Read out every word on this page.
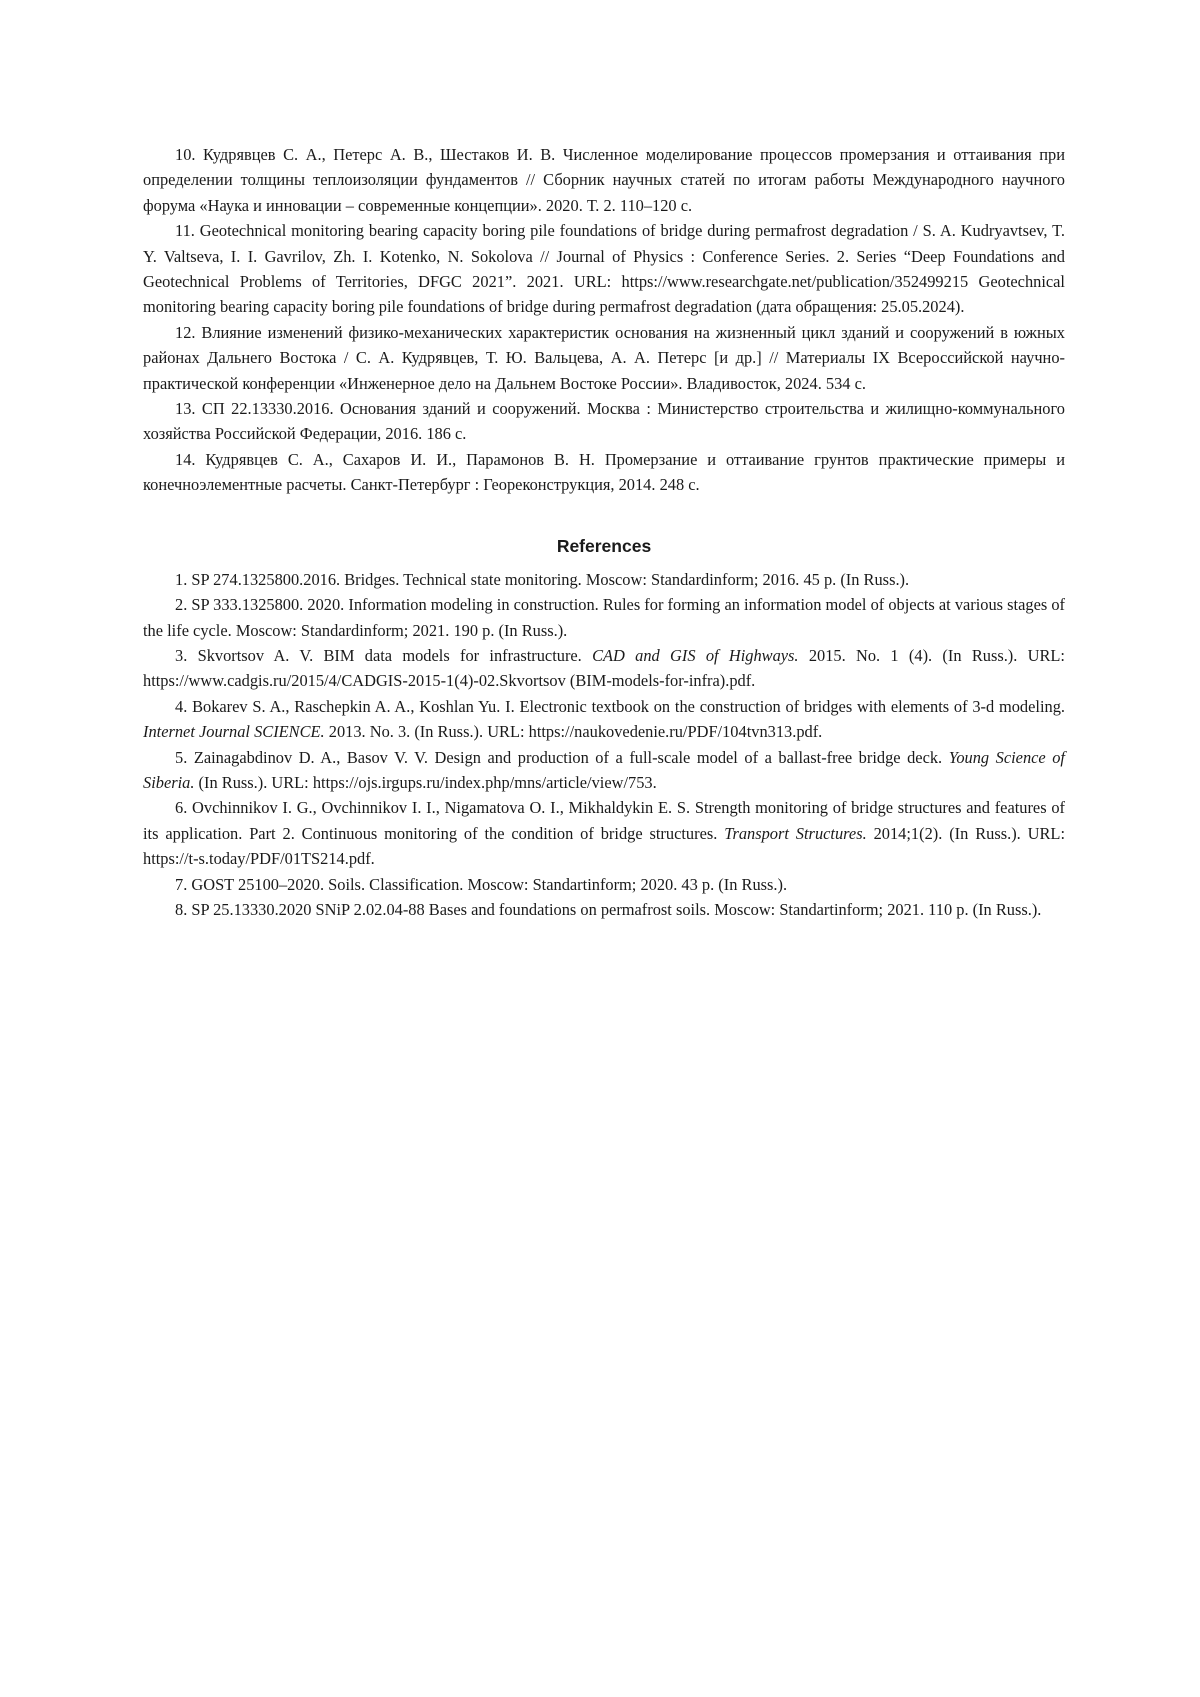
10. Кудрявцев С. А., Петерс А. В., Шестаков И. В. Численное моделирование процессов промерзания и оттаивания при определении толщины теплоизоляции фундаментов // Сборник научных статей по итогам работы Международного научного форума «Наука и инновации – современные концепции». 2020. Т. 2. 110–120 с.

11. Geotechnical monitoring bearing capacity boring pile foundations of bridge during permafrost degradation / S. A. Kudryavtsev, T. Y. Valtseva, I. I. Gavrilov, Zh. I. Kotenko, N. Sokolova // Journal of Physics : Conference Series. 2. Series “Deep Foundations and Geotechnical Problems of Territories, DFGC 2021”. 2021. URL: https://www.researchgate.net/publication/352499215 Geotechnical monitoring bearing capacity boring pile foundations of bridge during permafrost degradation (дата обращения: 25.05.2024).

12. Влияние изменений физико-механических характеристик основания на жизненный цикл зданий и сооружений в южных районах Дальнего Востока / С. А. Кудрявцев, Т. Ю. Вальцева, А. А. Петерс [и др.] // Материалы IX Всероссийской научно-практической конференции «Инженерное дело на Дальнем Востоке России». Владивосток, 2024. 534 с.

13. СП 22.13330.2016. Основания зданий и сооружений. Москва : Министерство строительства и жилищно-коммунального хозяйства Российской Федерации, 2016. 186 с.

14. Кудрявцев С. А., Сахаров И. И., Парамонов В. Н. Промерзание и оттаивание грунтов практические примеры и конечноэлементные расчеты. Санкт-Петербург : Георeконструкция, 2014. 248 с.

References

1. SP 274.1325800.2016. Bridges. Technical state monitoring. Moscow: Standardinform; 2016. 45 p. (In Russ.).

2. SP 333.1325800. 2020. Information modeling in construction. Rules for forming an information model of objects at various stages of the life cycle. Moscow: Standardinform; 2021. 190 p. (In Russ.).

3. Skvortsov A. V. BIM data models for infrastructure. CAD and GIS of Highways. 2015. No. 1 (4). (In Russ.). URL: https://www.cadgis.ru/2015/4/CADGIS-2015-1(4)-02.Skvortsov (BIM-models-for-infra).pdf.

4. Bokarev S. A., Raschepkin A. A., Koshlan Yu. I. Electronic textbook on the construction of bridges with elements of 3-d modeling. Internet Journal SCIENCE. 2013. No. 3. (In Russ.). URL: https://naukovedenie.ru/PDF/104tvn313.pdf.

5. Zainagabdinov D. A., Basov V. V. Design and production of a full-scale model of a ballast-free bridge deck. Young Science of Siberia. (In Russ.). URL: https://ojs.irgups.ru/index.php/mns/article/view/753.

6. Ovchinnikov I. G., Ovchinnikov I. I., Nigamatova O. I., Mikhaldykin E. S. Strength monitoring of bridge structures and features of its application. Part 2. Continuous monitoring of the condition of bridge structures. Transport Structures. 2014;1(2). (In Russ.). URL: https://t-s.today/PDF/01TS214.pdf.

7. GOST 25100–2020. Soils. Classification. Moscow: Standartinform; 2020. 43 p. (In Russ.).

8. SP 25.13330.2020 SNiP 2.02.04-88 Bases and foundations on permafrost soils. Moscow: Standartinform; 2021. 110 p. (In Russ.).
